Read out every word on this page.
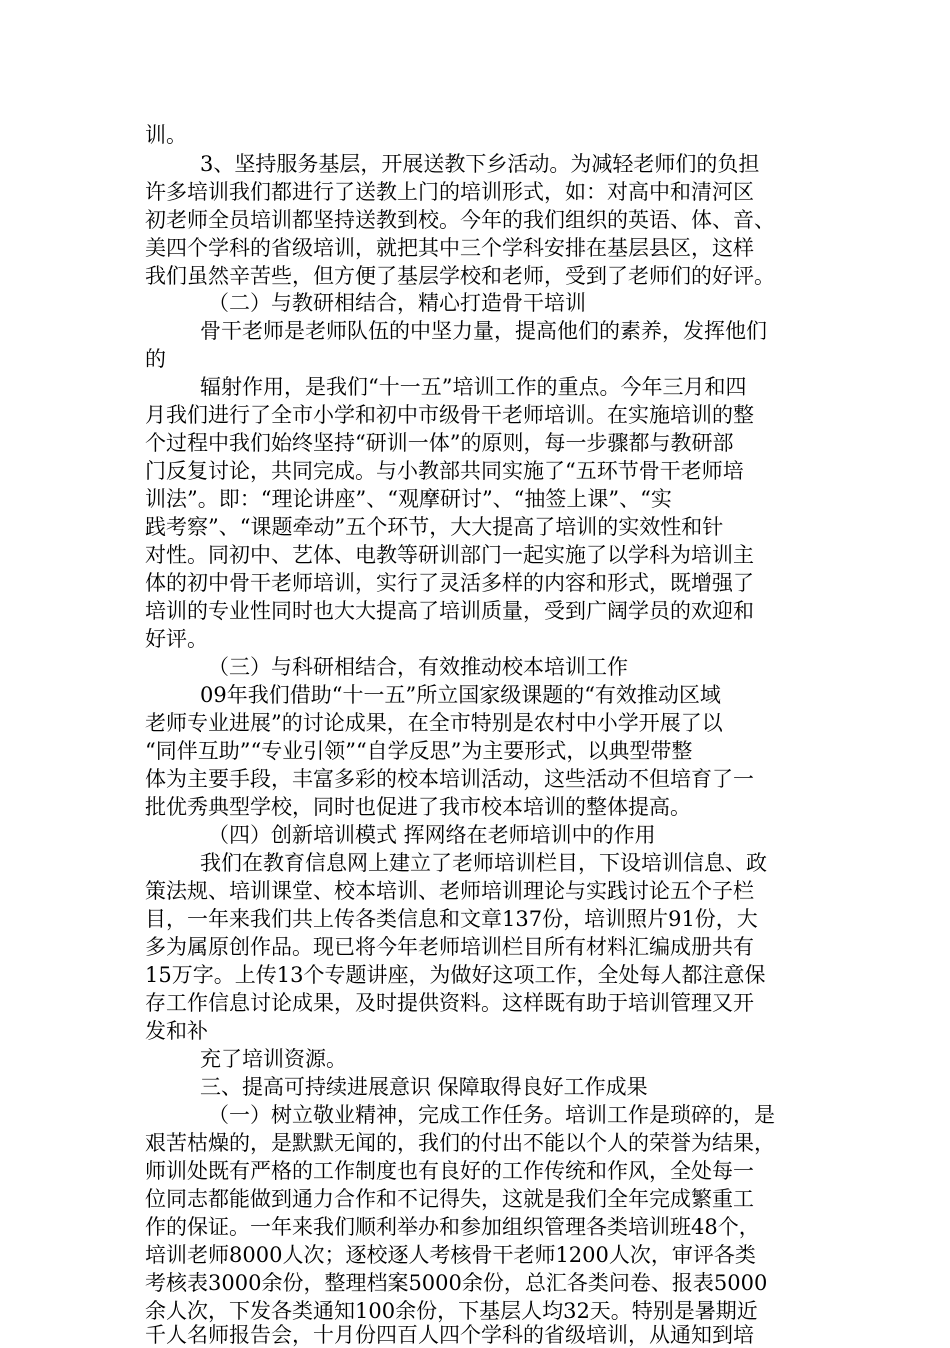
训。
3、坚持服务基层，开展送教下乡活动。为减轻老师们的负担
许多培训我们都进行了送教上门的培训形式，如：对高中和清河区
初老师全员培训都坚持送教到校。今年的我们组织的英语、体、音、
美四个学科的省级培训，就把其中三个学科安排在基层县区，这样
我们虽然辛苦些，但方便了基层学校和老师，受到了老师们的好评。
（二）与教研相结合，精心打造骨干培训
骨干老师是老师队伍的中坚力量，提高他们的素养，发挥他们
的
辐射作用，是我们“十一五”培训工作的重点。今年三月和四
月我们进行了全市小学和初中市级骨干老师培训。在实施培训的整
个过程中我们始终坚持“研训一体”的原则，每一步骤都与教研部
门反复讨论，共同完成。与小教部共同实施了“五环节骨干老师培
训法”。即：“理论讲座”、“观摩研讨”、“抽签上课”、“实
践考察”、“课题牵动”五个环节，大大提高了培训的实效性和针
对性。同初中、艺体、电教等研训部门一起实施了以学科为培训主
体的初中骨干老师培训，实行了灵活多样的内容和形式，既增强了
培训的专业性同时也大大提高了培训质量，受到广阔学员的欢迎和
好评。
（三）与科研相结合，有效推动校本培训工作
09年我们借助“十一五”所立国家级课题的“有效推动区域
老师专业进展”的讨论成果，在全市特别是农村中小学开展了以
“同伴互助”“专业引领”“自学反思”为主要形式，以典型带整
体为主要手段，丰富多彩的校本培训活动，这些活动不但培育了一
批优秀典型学校，同时也促进了我市校本培训的整体提高。
（四）创新培训模式 挥网络在老师培训中的作用
我们在教育信息网上建立了老师培训栏目，下设培训信息、政
策法规、培训课堂、校本培训、老师培训理论与实践讨论五个子栏
目，一年来我们共上传各类信息和文章137份，培训照片91份，大
多为属原创作品。现已将今年老师培训栏目所有材料汇编成册共有
15万字。上传13个专题讲座，为做好这项工作，全处每人都注意保
存工作信息讨论成果，及时提供资料。这样既有助于培训管理又开
发和补
充了培训资源。
三、提高可持续进展意识 保障取得良好工作成果
（一）树立敬业精神，完成工作任务。培训工作是琐碎的，是
艰苦枯燥的，是默默无闻的，我们的付出不能以个人的荣誉为结果，
师训处既有严格的工作制度也有良好的工作传统和作风，全处每一
位同志都能做到通力合作和不记得失，这就是我们全年完成繁重工
作的保证。一年来我们顺利举办和参加组织管理各类培训班48个，
培训老师8000人次；逐校逐人考核骨干老师1200人次，审评各类
考核表3000余份，整理档案5000余份，总汇各类问卷、报表5000
余人次，下发各类通知100余份，下基层人均32天。特别是暑期近
千人名师报告会，十月份四百人四个学科的省级培训，从通知到培
